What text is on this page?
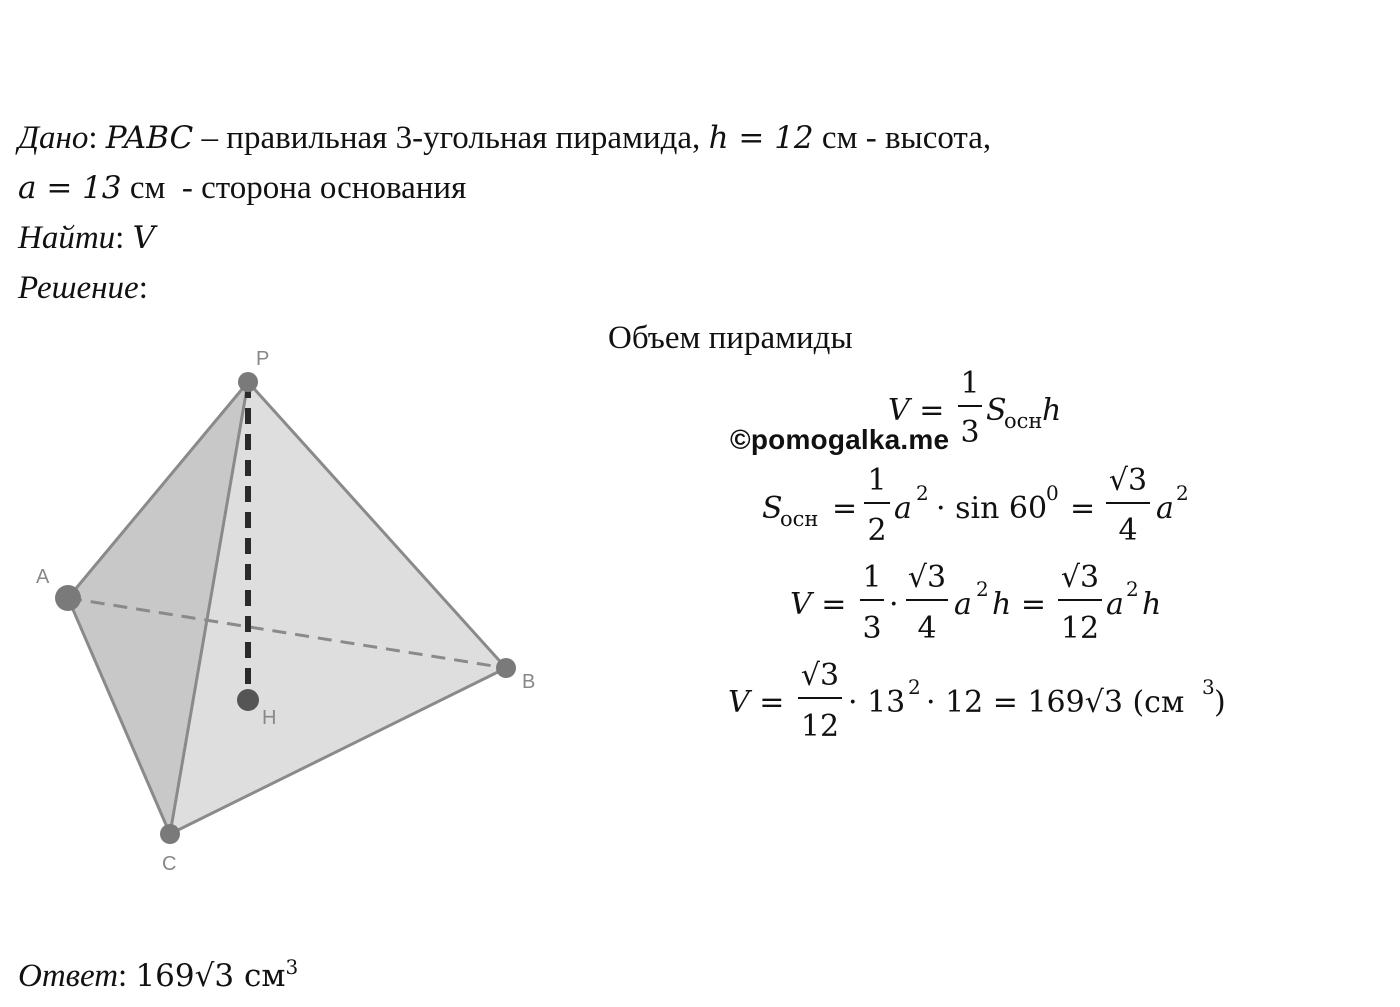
Дано: PABC – правильная 3-угольная пирамида, h = 12 см - высота,
a = 13 см  - сторона основания
Найти: V
Решение:
P
A
B
C
H
V =
1
3
S
осн h
S
осн =
1
2
a 2 · sin 60
0 =
√3
4
a 2
V =
1
3
·
√3
4
a 2 h =
√3
12
a 2 h
V =
√3
12
· 13 2 · 12 = 169√3 (см 3 )
Объем пирамиды
©pomogalka.me
Ответ: 169√3 $см^3$
